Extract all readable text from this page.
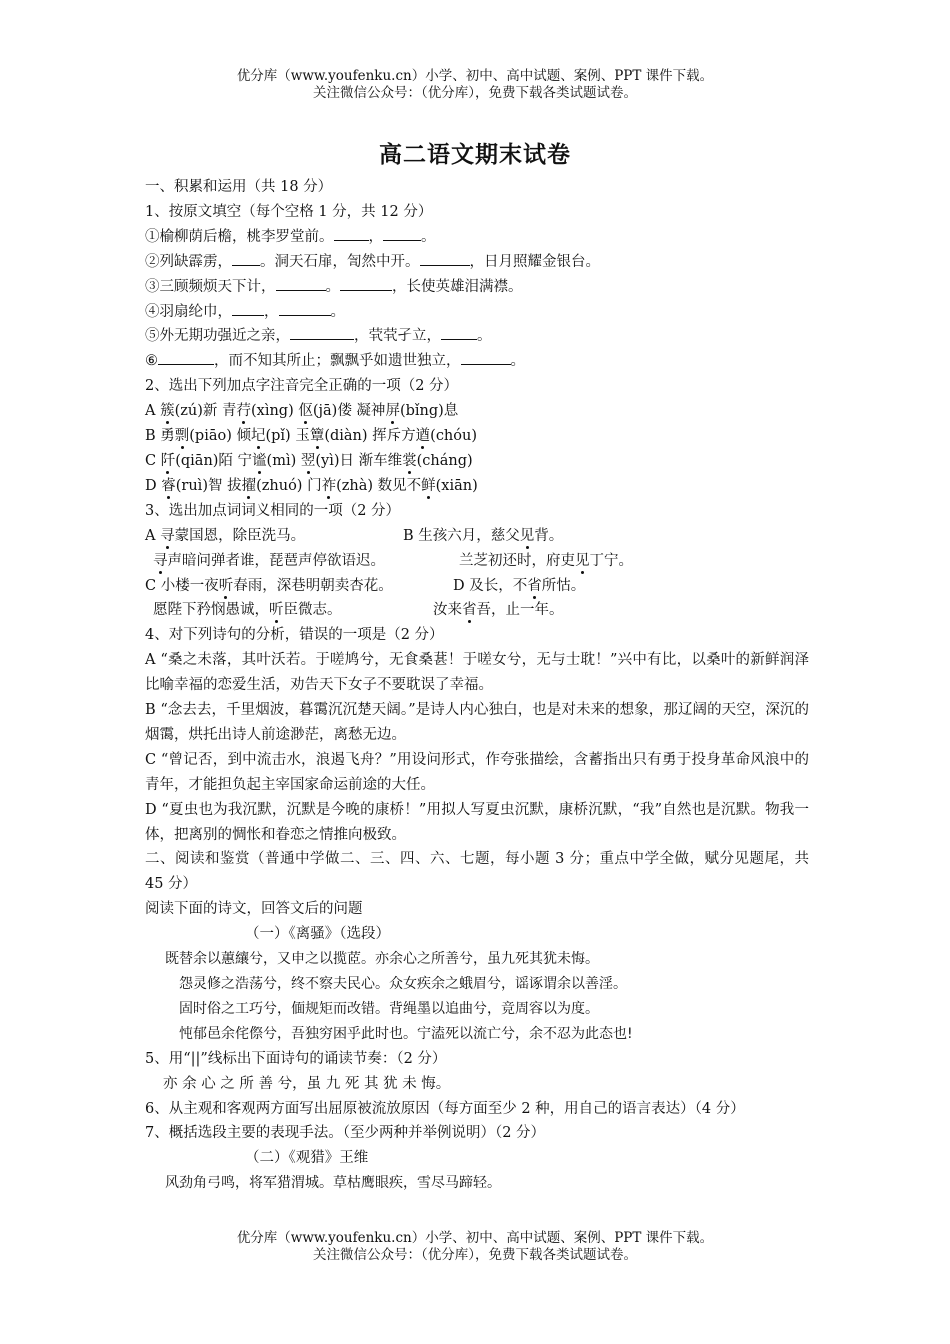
优分库（www.youfenku.cn）小学、初中、高中试题、案例、PPT 课件下载。
关注微信公众号：（优分库），免费下载各类试题试卷。
高二语文期末试卷
一、积累和运用（共 18 分）
1、按原文填空（每个空格 1 分，共 12 分）
①榆柳荫后檐，桃李罗堂前。 ，	。
②列缺霹雳， 。洞天石扉，訇然中开。	，日月照耀金银台。
③三顾频烦天下计，	。	，长使英雄泪满襟。
④羽扇纶巾， ，	。
⑤外无期功强近之亲，	，茕茕孑立， 。
⑥	，而不知其所止；飘飘乎如遗世独立，	。
2、选出下列加点字注音完全正确的一项（2 分）
A 簇(zú)新 青荇(xìng) 伛(jā)偻 凝神屏(bǐng)息
B 勇剽(piāo) 倾圮(pǐ) 玉簟(diàn) 挥斥方遒(chóu)
C 阡(qiān)陌 宁谧(mì) 翌(yì)日 渐车维裳(cháng)
D 睿(ruì)智 拔擢(zhuó) 门祚(zhà) 数见不鲜(xiān)
3、选出加点词词义相同的一项（2 分）
A 寻蒙国恩，除臣洗马。	B 生孩六月，慈父见背。
寻声暗问弹者谁，琵琶声停欲语迟。	兰芝初还时，府吏见丁宁。
C 小楼一夜听春雨，深巷明朝卖杏花。	D 及长，不省所怙。
愿陛下矜悯愚诚，听臣微志。	汝来省吾，止一年。
4、对下列诗句的分析，错误的一项是（2 分）
A “桑之未落，其叶沃若。于嗟鸠兮，无食桑葚！于嗟女兮，无与士耽！”兴中有比，以桑叶的新鲜润泽比喻幸福的恋爱生活，劝告天下女子不要耽误了幸福。
B “念去去，千里烟波，暮霭沉沉楚天阔。”是诗人内心独白，也是对未来的想象，那辽阔的天空，深沉的烟霭，烘托出诗人前途渺茫，离愁无边。
C “曾记否，到中流击水，浪遏飞舟？”用设问形式，作夸张描绘，含蓄指出只有勇于投身革命风浪中的青年，才能担负起主宰国家命运前途的大任。
D “夏虫也为我沉默，沉默是今晚的康桥！”用拟人写夏虫沉默，康桥沉默，“我”自然也是沉默。物我一体，把离别的惆怅和眷恋之情推向极致。
二、阅读和鉴赏（普通中学做二、三、四、六、七题，每小题 3 分；重点中学全做，赋分见题尾，共 45 分）
阅读下面的诗文，回答文后的问题
（一）《离骚》（选段）
既替余以蕙纕兮，又申之以揽茝。亦余心之所善兮，虽九死其犹未悔。
怨灵修之浩荡兮，终不察夫民心。众女疾余之蛾眉兮，谣诼谓余以善淫。
固时俗之工巧兮，偭规矩而改错。背绳墨以追曲兮，竞周容以为度。
忳郁邑余侘傺兮，吾独穷困乎此时也。宁溘死以流亡兮，余不忍为此态也!
5、用“||”线标出下面诗句的诵读节奏：（2 分）
亦 余 心 之 所 善 兮，虽 九 死 其 犹 未 悔。
6、从主观和客观两方面写出屈原被流放原因（每方面至少 2 种，用自己的语言表达）（4 分）
7、概括选段主要的表现手法。（至少两种并举例说明）（2 分）
（二）《观猎》王维
风劲角弓鸣，将军猎渭城。草枯鹰眼疾，雪尽马蹄轻。
优分库（www.youfenku.cn）小学、初中、高中试题、案例、PPT 课件下载。
关注微信公众号：（优分库），免费下载各类试题试卷。
